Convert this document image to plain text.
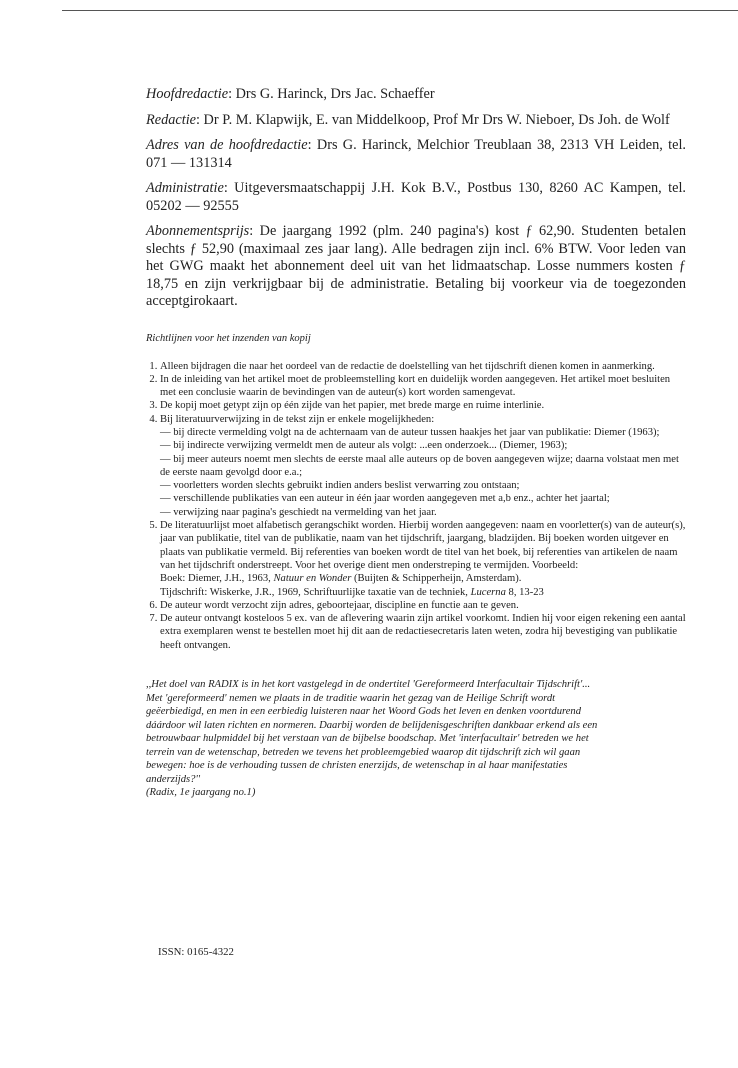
Hoofdredactie: Drs G. Harinck, Drs Jac. Schaeffer

Redactie: Dr P. M. Klapwijk, E. van Middelkoop, Prof Mr Drs W. Nieboer, Ds Joh. de Wolf

Adres van de hoofdredactie: Drs G. Harinck, Melchior Treublaan 38, 2313 VH Leiden, tel. 071 — 131314

Administratie: Uitgeversmaatschappij J.H. Kok B.V., Postbus 130, 8260 AC Kampen, tel. 05202 — 92555

Abonnementsprijs: De jaargang 1992 (plm. 240 pagina's) kost ƒ 62,90. Studenten betalen slechts ƒ 52,90 (maximaal zes jaar lang). Alle bedragen zijn incl. 6% BTW. Voor leden van het GWG maakt het abonnement deel uit van het lidmaatschap. Losse nummers kosten ƒ 18,75 en zijn verkrijgbaar bij de administratie. Betaling bij voorkeur via de toegezonden acceptgirokaart.

Richtlijnen voor het inzenden van kopij
1. Alleen bijdragen die naar het oordeel van de redactie de doelstelling van het tijdschrift dienen komen in aanmerking.
2. In de inleiding van het artikel moet de probleemstelling kort en duidelijk worden aangegeven. Het artikel moet besluiten met een conclusie waarin de bevindingen van de auteur(s) kort worden samengevat.
3. De kopij moet getypt zijn op één zijde van het papier, met brede marge en ruime interlinie.
4. Bij literatuurverwijzing in de tekst zijn er enkele mogelijkheden:
— bij directe vermelding volgt na de achternaam van de auteur tussen haakjes het jaar van publikatie: Diemer (1963);
— bij indirecte verwijzing vermeldt men de auteur als volgt: ...een onderzoek... (Diemer, 1963);
— bij meer auteurs noemt men slechts de eerste maal alle auteurs op de boven aangegeven wijze; daarna volstaat men met de eerste naam gevolgd door e.a.;
— voorletters worden slechts gebruikt indien anders beslist verwarring zou ontstaan;
— verschillende publikaties van een auteur in één jaar worden aangegeven met a,b enz., achter het jaartal;
— verwijzing naar pagina's geschiedt na vermelding van het jaar.
5. De literatuurlijst moet alfabetisch gerangschikt worden. Hierbij worden aangegeven: naam en voorletter(s) van de auteur(s), jaar van publikatie, titel van de publikatie, naam van het tijdschrift, jaargang, bladzijden. Bij boeken worden uitgever en plaats van publikatie vermeld. Bij referenties van boeken wordt de titel van het boek, bij referenties van artikelen de naam van het tijdschrift onderstreept. Voor het overige dient men onderstreping te vermijden. Voorbeeld:
Boek: Diemer, J.H., 1963, Natuur en Wonder (Buijten & Schipperheijn, Amsterdam).
Tijdschrift: Wiskerke, J.R., 1969, Schriftuurlijke taxatie van de techniek, Lucerna 8, 13-23
6. De auteur wordt verzocht zijn adres, geboortejaar, discipline en functie aan te geven.
7. De auteur ontvangt kosteloos 5 ex. van de aflevering waarin zijn artikel voorkomt. Indien hij voor eigen rekening een aantal extra exemplaren wenst te bestellen moet hij dit aan de redactiesecretaris laten weten, zodra hij bevestiging van publikatie heeft ontvangen.
,,Het doel van RADIX is in het kort vastgelegd in de ondertitel 'Gereformeerd Interfacultair Tijdschrift'...
Met 'gereformeerd' nemen we plaats in de traditie waarin het gezag van de Heilige Schrift wordt
geëerbiedigd, en men in een eerbiedig luisteren naar het Woord Gods het leven en denken voortdurend
dáárdoor wil laten richten en normeren. Daarbij worden de belijdenisgeschriften dankbaar erkend als een
betrouwbaar hulpmiddel bij het verstaan van de bijbelse boodschap. Met 'interfacultair' betreden we het
terrein van de wetenschap, betreden we tevens het probleemgebied waarop dit tijdschrift zich wil gaan
bewegen: hoe is de verhouding tussen de christen enerzijds, de wetenschap in al haar manifestaties
anderzijds?''
(Radix, 1e jaargang no.1)
ISSN: 0165-4322
